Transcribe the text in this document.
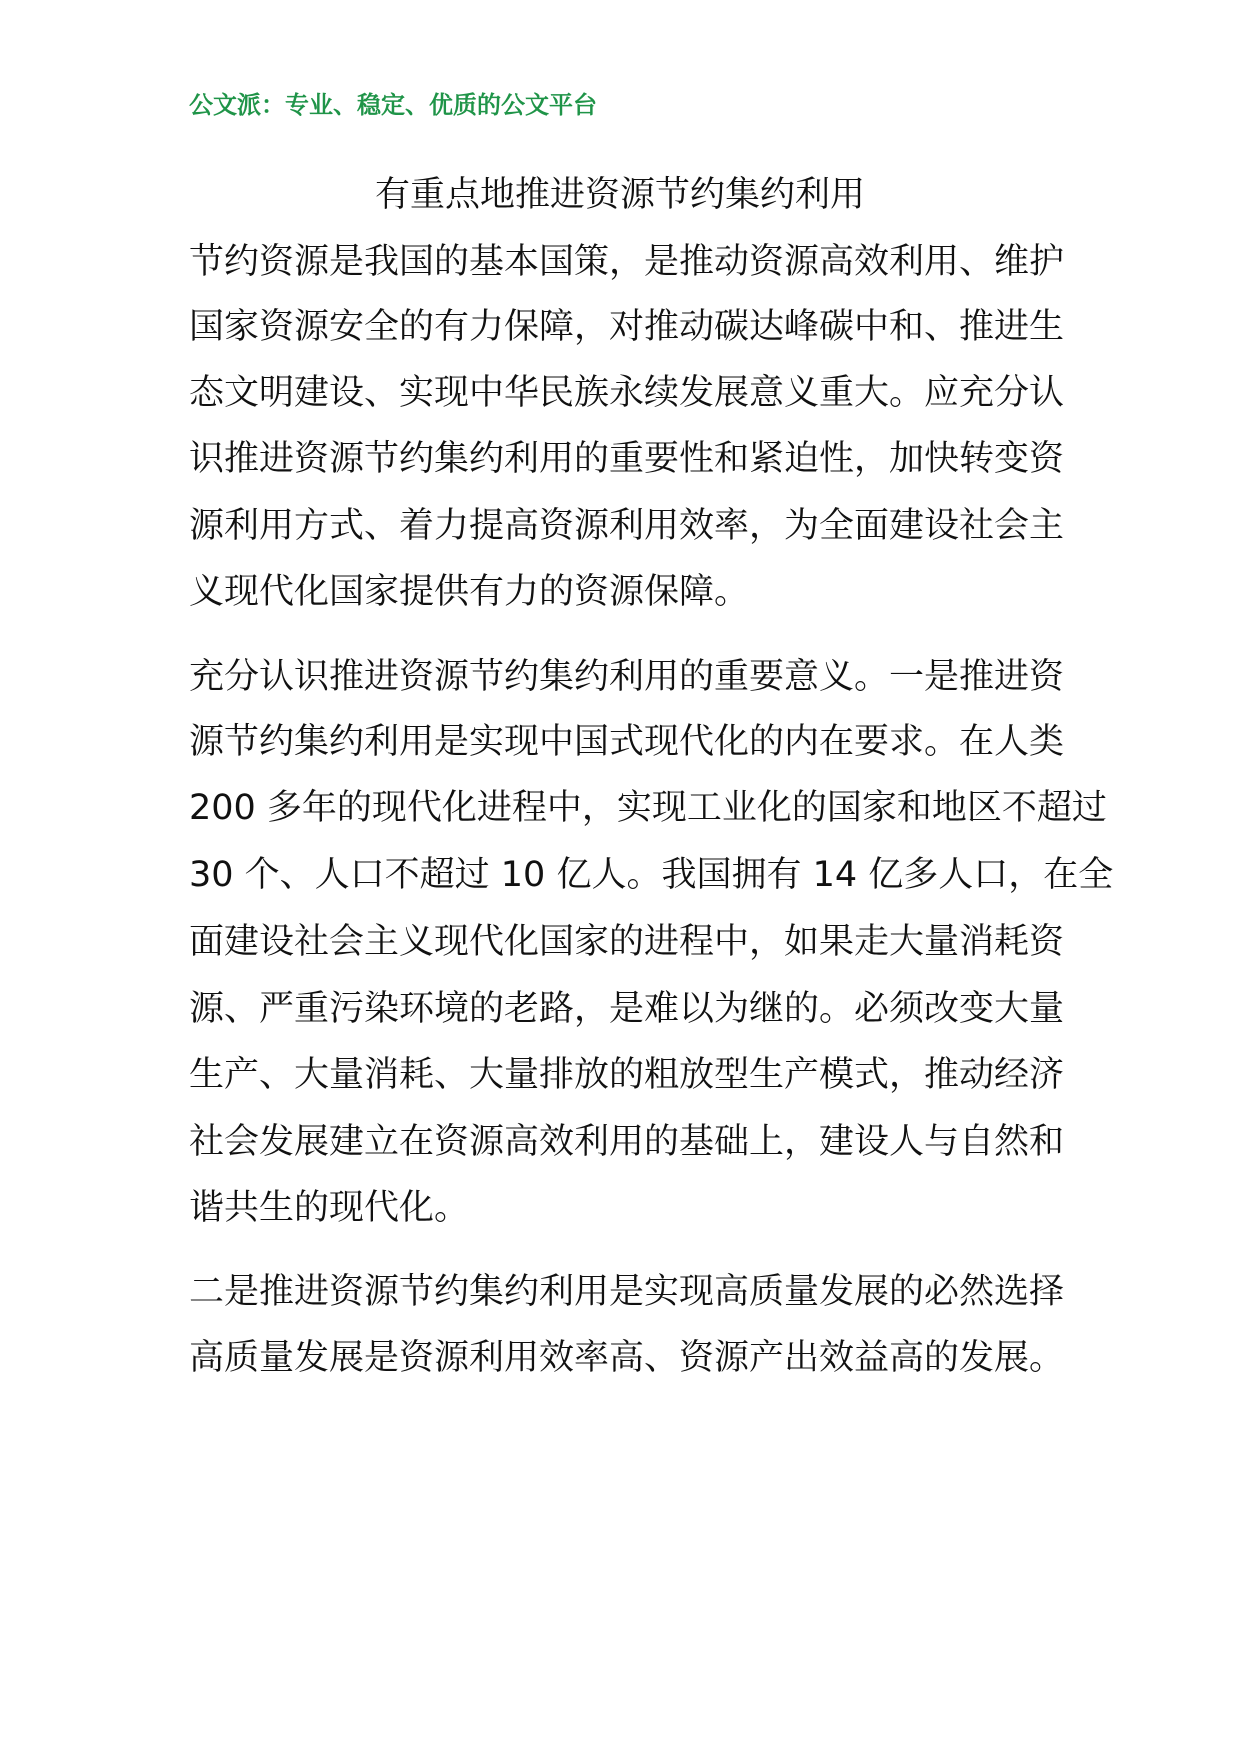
公文派：专业、稳定、优质的公文平台
有重点地推进资源节约集约利用
节约资源是我国的基本国策，是推动资源高效利用、维护
国家资源安全的有力保障，对推动碳达峰碳中和、推进生
态文明建设、实现中华民族永续发展意义重大。应充分认
识推进资源节约集约利用的重要性和紧迫性，加快转变资
源利用方式、着力提高资源利用效率，为全面建设社会主
义现代化国家提供有力的资源保障。
充分认识推进资源节约集约利用的重要意义。一是推进资
源节约集约利用是实现中国式现代化的内在要求。在人类
200 多年的现代化进程中，实现工业化的国家和地区不超过
30 个、人口不超过 10 亿人。我国拥有 14 亿多人口，在全
面建设社会主义现代化国家的进程中，如果走大量消耗资
源、严重污染环境的老路，是难以为继的。必须改变大量
生产、大量消耗、大量排放的粗放型生产模式，推动经济
社会发展建立在资源高效利用的基础上，建设人与自然和
谐共生的现代化。
二是推进资源节约集约利用是实现高质量发展的必然选择
高质量发展是资源利用效率高、资源产出效益高的发展。
